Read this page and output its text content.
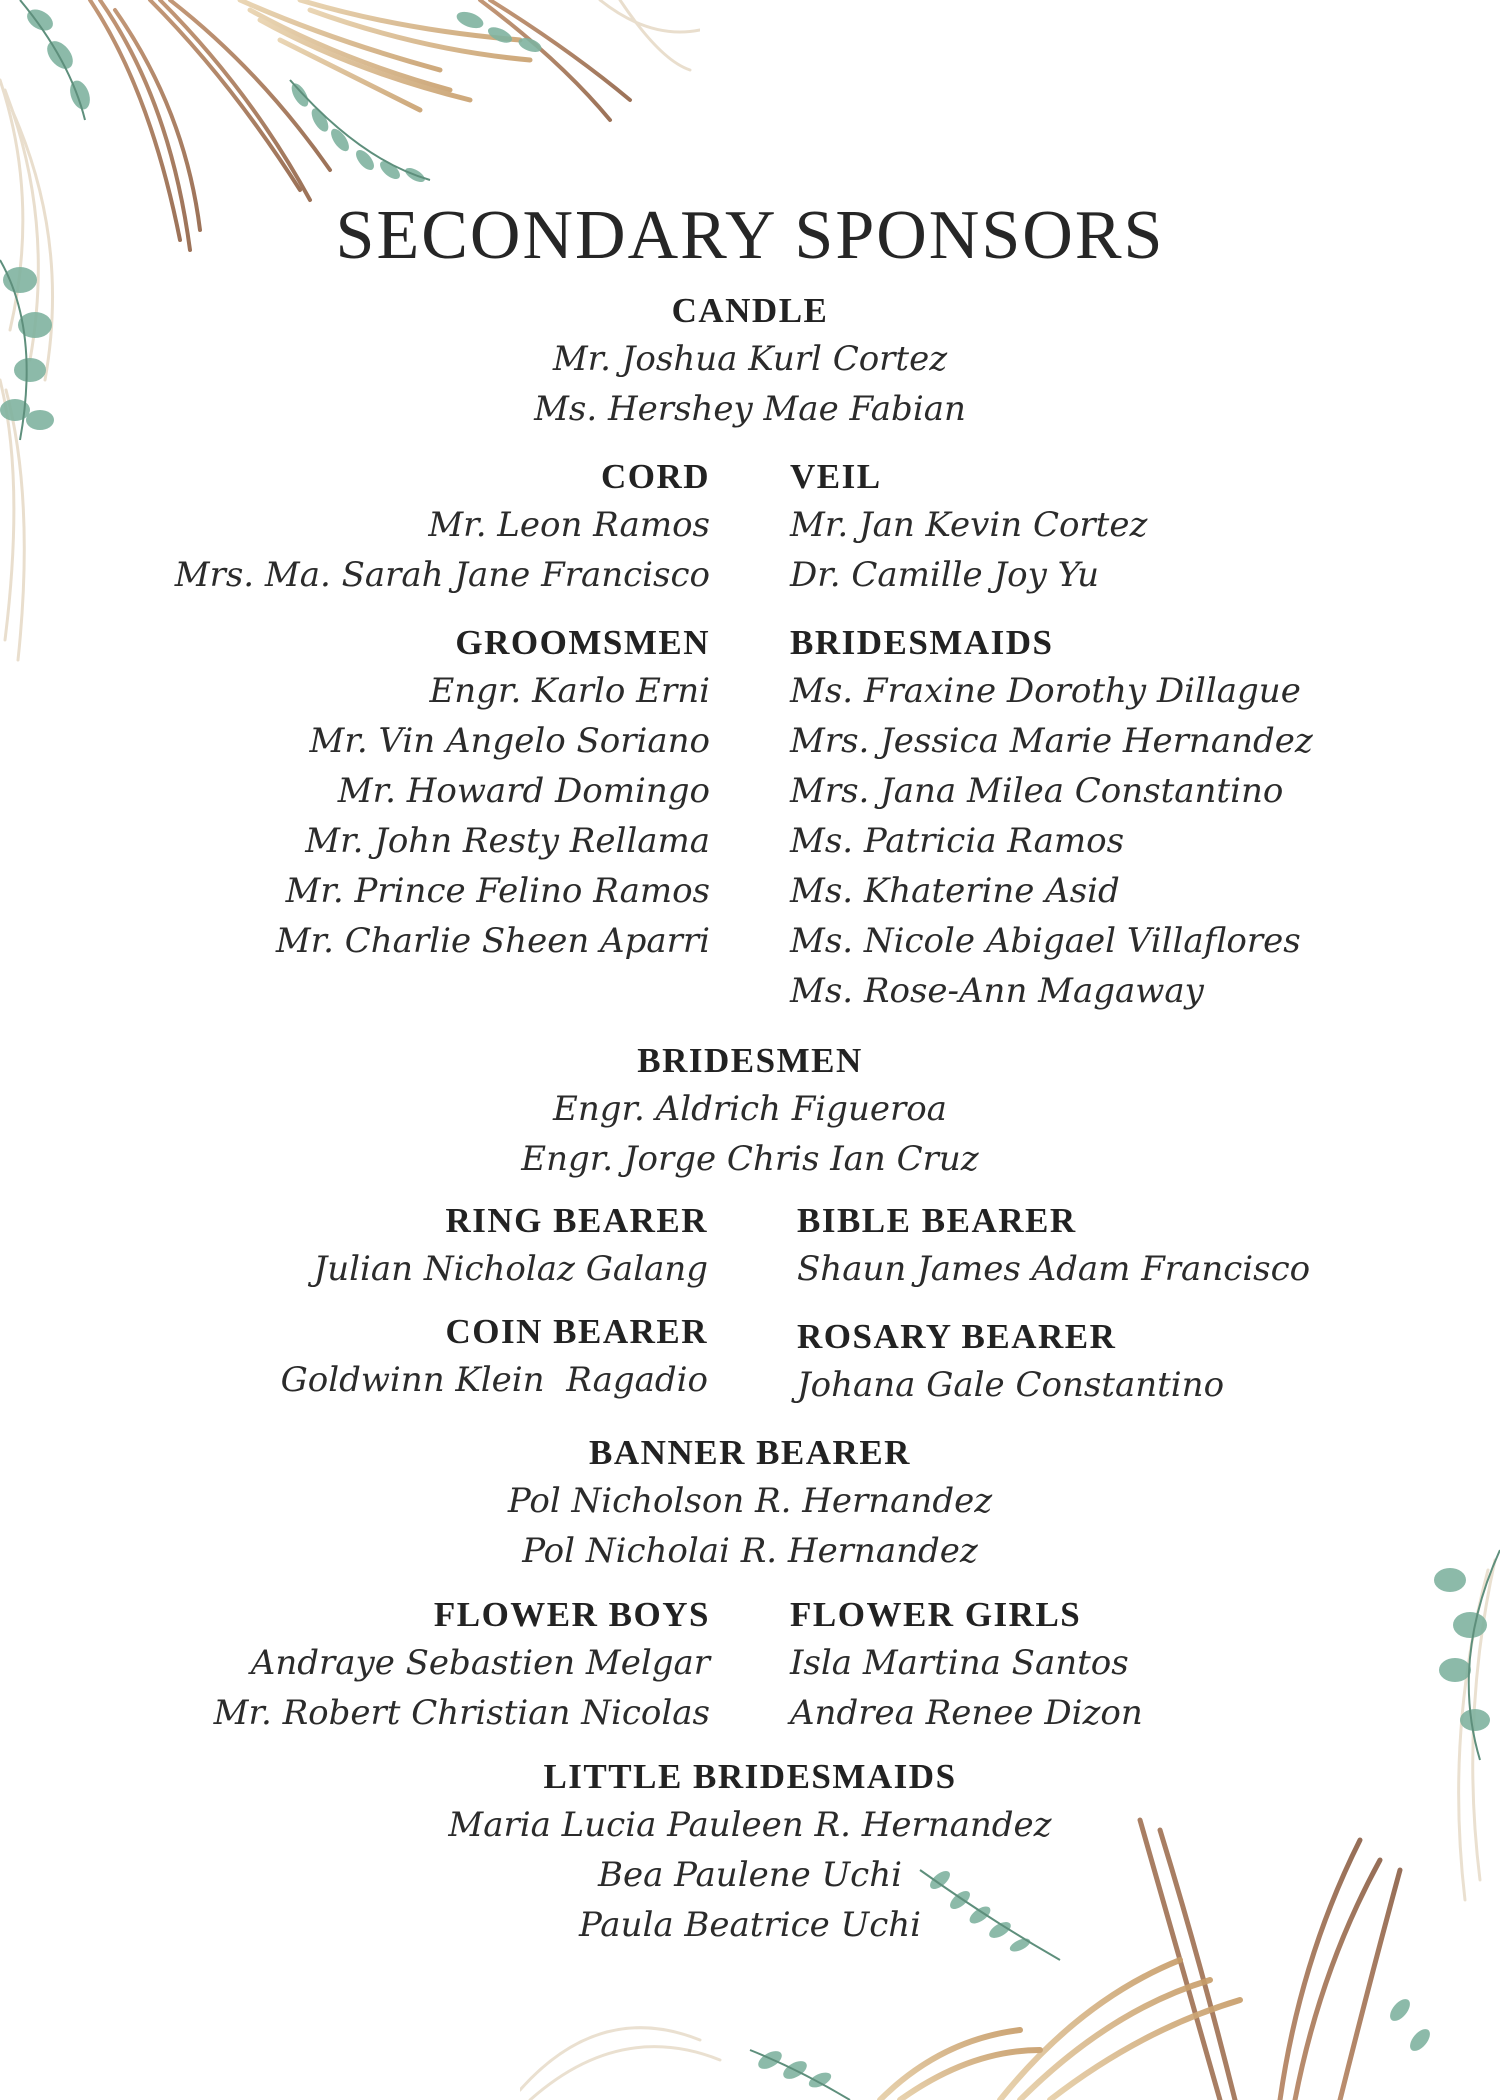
SECONDARY SPONSORS
CANDLE
Mr. Joshua Kurl Cortez
Ms. Hershey Mae Fabian
CORD
Mr. Leon Ramos
Mrs. Ma. Sarah Jane Francisco
VEIL
Mr. Jan Kevin Cortez
Dr. Camille Joy Yu
GROOMSMEN
Engr. Karlo Erni
Mr. Vin Angelo Soriano
Mr. Howard Domingo
Mr. John Resty Rellama
Mr. Prince Felino Ramos
Mr. Charlie Sheen Aparri
BRIDESMAIDS
Ms. Fraxine Dorothy Dillague
Mrs. Jessica Marie Hernandez
Mrs. Jana Milea Constantino
Ms. Patricia Ramos
Ms. Khaterine Asid
Ms. Nicole Abigael Villaflores
Ms. Rose-Ann Magaway
BRIDESMEN
Engr. Aldrich Figueroa
Engr. Jorge Chris Ian Cruz
RING BEARER
Julian Nicholaz Galang
BIBLE BEARER
Shaun James Adam Francisco
COIN BEARER
Goldwinn Klein  Ragadio
ROSARY BEARER
Johana Gale Constantino
BANNER BEARER
Pol Nicholson R. Hernandez
Pol Nicholai R. Hernandez
FLOWER BOYS
Andraye Sebastien Melgar
Mr. Robert Christian Nicolas
FLOWER GIRLS
Isla Martina Santos
Andrea Renee Dizon
LITTLE BRIDESMAIDS
Maria Lucia Pauleen R. Hernandez
Bea Paulene Uchi
Paula Beatrice Uchi
